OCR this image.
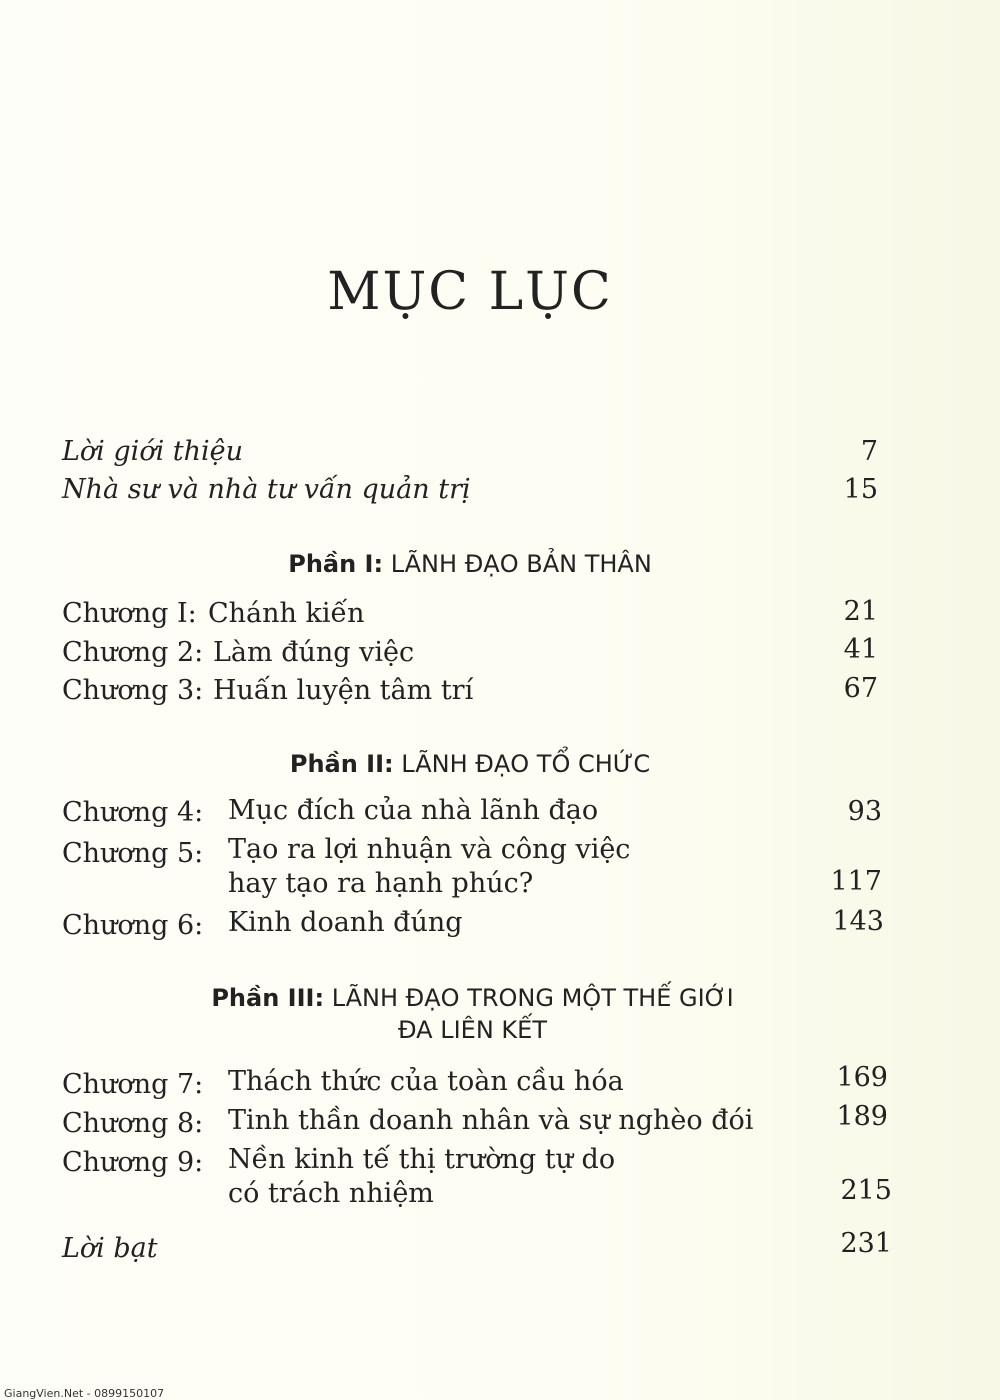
MỤC LỤC
Lời giới thiệu	7
Nhà sư và nhà tư vấn quản trị	15
Phần I: LÃNH ĐẠO BẢN THÂN
Chương I: Chánh kiến	21
Chương 2: Làm đúng việc	41
Chương 3: Huấn luyện tâm trí	67
Phần II: LÃNH ĐẠO TỔ CHỨC
Chương 4: Mục đích của nhà lãnh đạo	93
Chương 5: Tạo ra lợi nhuận và công việc
hay tạo ra hạnh phúc?	117
Chương 6: Kinh doanh đúng	143
Phần III: LÃNH ĐẠO TRONG MỘT THẾ GIỚI
ĐA LIÊN KẾT
Chương 7: Thách thức của toàn cầu hóa	169
Chương 8: Tinh thần doanh nhân và sự nghèo đói	189
Chương 9: Nền kinh tế thị trường tự do
có trách nhiệm	215
Lời bạt	231
GiangVien.Net - 0899150107
